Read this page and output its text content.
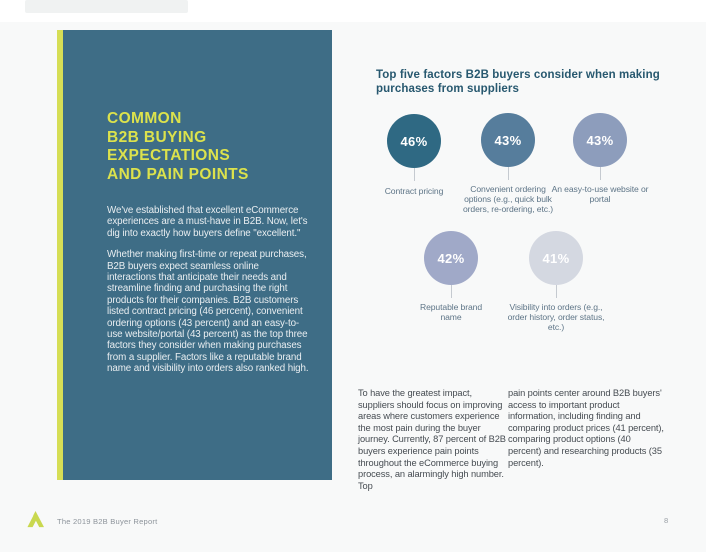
COMMON
B2B BUYING
EXPECTATIONS
AND PAIN POINTS

We've established that excellent eCommerce experiences are a must-have in B2B. Now, let's dig into exactly how buyers define "excellent."

Whether making first-time or repeat purchases, B2B buyers expect seamless online interactions that anticipate their needs and streamline finding and purchasing the right products for their companies. B2B customers listed contract pricing (46 percent), convenient ordering options (43 percent) and an easy-to-use website/portal (43 percent) as the top three factors they consider when making purchases from a supplier. Factors like a reputable brand name and visibility into orders also ranked high.

Top five factors B2B buyers consider when making purchases from suppliers
46%
Contract pricing
43%
Convenient ordering options (e.g., quick bulk orders, re-ordering, etc.)
43%
An easy-to-use website or portal
42%
Reputable brand name
41%
Visibility into orders (e.g., order history, order status, etc.)

To have the greatest impact, suppliers should focus on improving areas where customers experience the most pain during the buyer journey. Currently, 87 percent of B2B buyers experience pain points throughout the eCommerce buying process, an alarmingly high number. Top

pain points center around B2B buyers' access to important product information, including finding and comparing product prices (41 percent), comparing product options (40 percent) and researching products (35 percent).

The 2019 B2B Buyer Report	8
